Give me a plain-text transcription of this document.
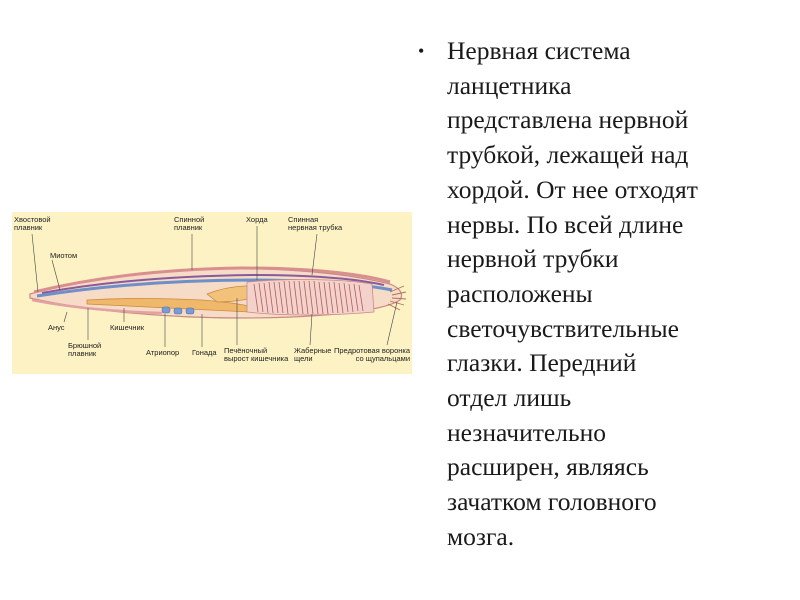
Хвостовой
плавник
Миотом
Спинной
плавник
Хорда	Спинная
нервная трубка
Анус	Кишечник
Брюшной
плавник	Атриопор Гонада Печёночный
вырост кишечника
Жаберные
щели
Предротовая воронка
со щупальцами
• Нервная система
ланцетника
представлена нервной
трубкой, лежащей над
хордой. От нее отходят
нервы. По всей длине
нервной трубки
расположены
светочувствительные
глазки. Передний
отдел лишь
незначительно
расширен, являясь
зачатком головного
мозга.
